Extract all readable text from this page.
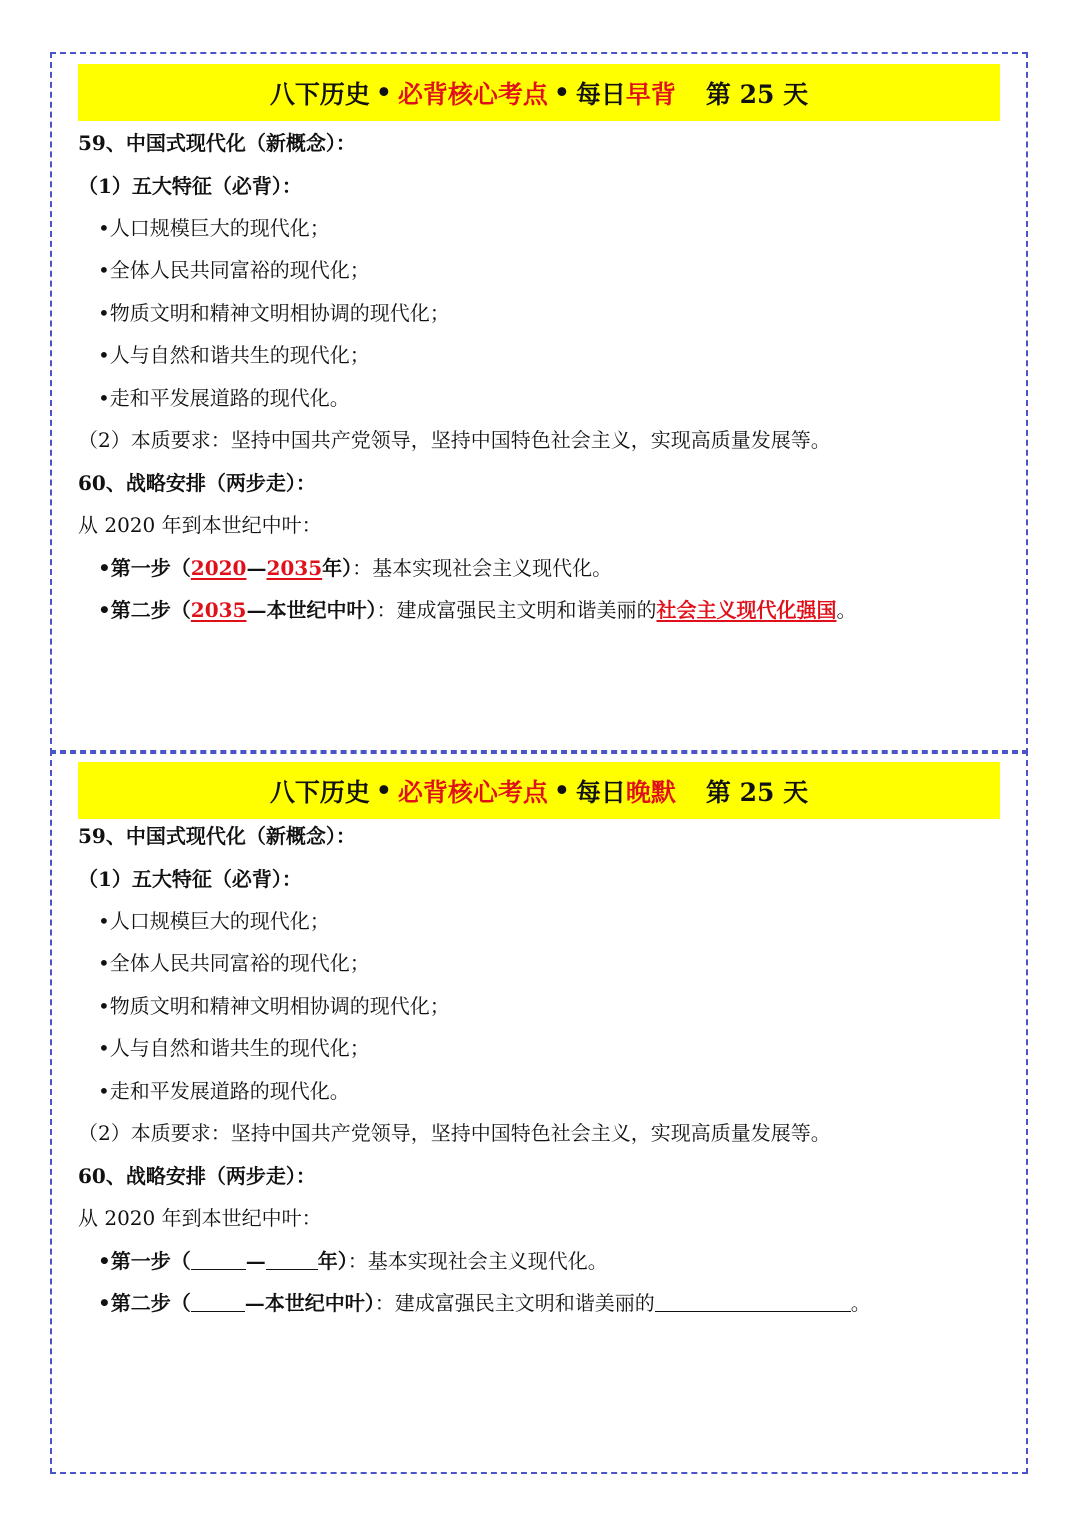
八下历史 • 必背核心考点 • 每日 早背 第 25 天
59、中国式现代化（新概念）：
（1）五大特征（必背）：
•人口规模巨大的现代化；
•全体人民共同富裕的现代化；
•物质文明和精神文明相协调的现代化；
•人与自然和谐共生的现代化；
•走和平发展道路的现代化。
（2）本质要求：坚持中国共产党领导，坚持中国特色社会主义，实现高质量发展等。
60、战略安排（两步走）：
从 2020 年到本世纪中叶：
•第一步（2020—2035年）：基本实现社会主义现代化。
•第二步（2035—本世纪中叶）：建成富强民主文明和谐美丽的社会主义现代化强国。
八下历史 • 必背核心考点 • 每日 晚默 第 25 天
59、中国式现代化（新概念）：
（1）五大特征（必背）：
•人口规模巨大的现代化；
•全体人民共同富裕的现代化；
•物质文明和精神文明相协调的现代化；
•人与自然和谐共生的现代化；
•走和平发展道路的现代化。
（2）本质要求：坚持中国共产党领导，坚持中国特色社会主义，实现高质量发展等。
60、战略安排（两步走）：
从 2020 年到本世纪中叶：
•第一步（	—	年）：基本实现社会主义现代化。
•第二步（	—本世纪中叶）：建成富强民主文明和谐美丽的	。
